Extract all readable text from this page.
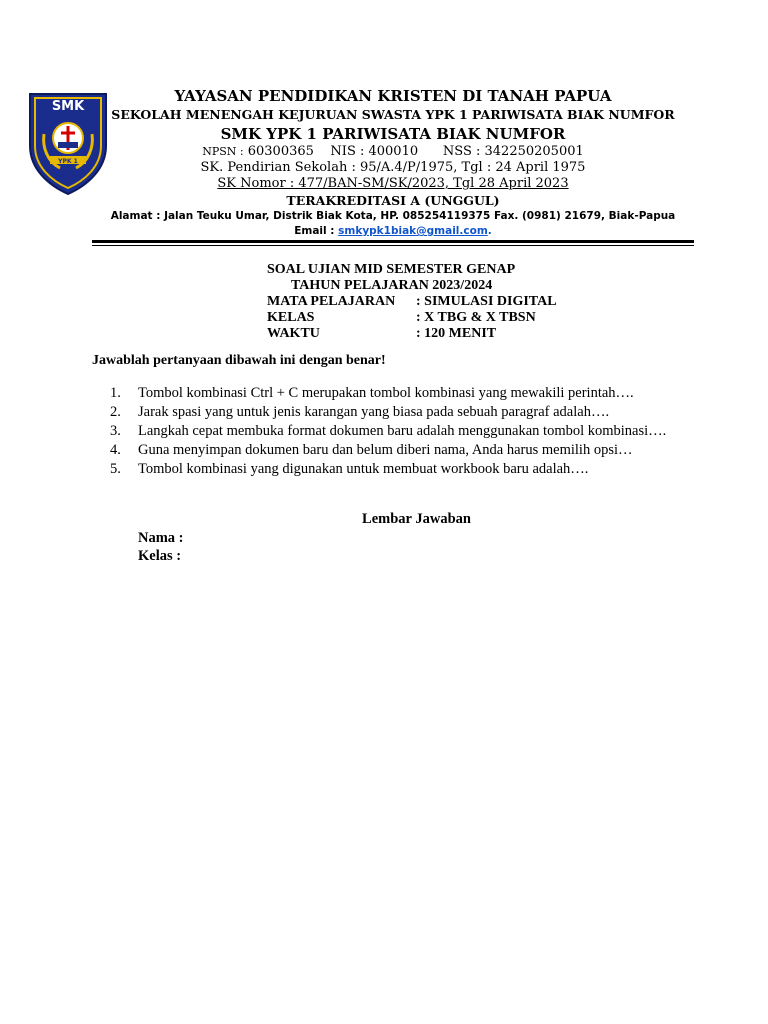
SMK
YPK 1
YAYASAN PENDIDIKAN KRISTEN DI TANAH PAPUA
SEKOLAH MENENGAH KEJURUAN SWASTA YPK 1 PARIWISATA BIAK NUMFOR
SMK YPK 1 PARIWISATA BIAK NUMFOR
NPSN : 60300365    NIS : 400010      NSS : 342250205001
SK. Pendirian Sekolah : 95/A.4/P/1975, Tgl : 24 April 1975
SK Nomor : 477/BAN-SM/SK/2023, Tgl 28 April 2023
TERAKREDITASI A (UNGGUL)
Alamat : Jalan Teuku Umar, Distrik Biak Kota, HP. 085254119375 Fax. (0981) 21679, Biak-Papua
Email : smkypk1biak@gmail.com.
SOAL UJIAN MID SEMESTER GENAP
TAHUN PELAJARAN 2023/2024
MATA PELAJARAN	: SIMULASI DIGITAL
KELAS	: X TBG & X TBSN
WAKTU	: 120 MENIT
Jawablah pertanyaan dibawah ini dengan benar!
1.	Tombol kombinasi Ctrl + C merupakan tombol kombinasi yang mewakili perintah….
2.	Jarak spasi yang untuk jenis karangan yang biasa pada sebuah paragraf adalah….
3.	Langkah cepat membuka format dokumen baru adalah menggunakan tombol kombinasi….
4.	Guna menyimpan dokumen baru dan belum diberi nama, Anda harus memilih opsi…
5.	Tombol kombinasi yang digunakan untuk membuat workbook baru adalah….
Lembar Jawaban
Nama :
Kelas :
